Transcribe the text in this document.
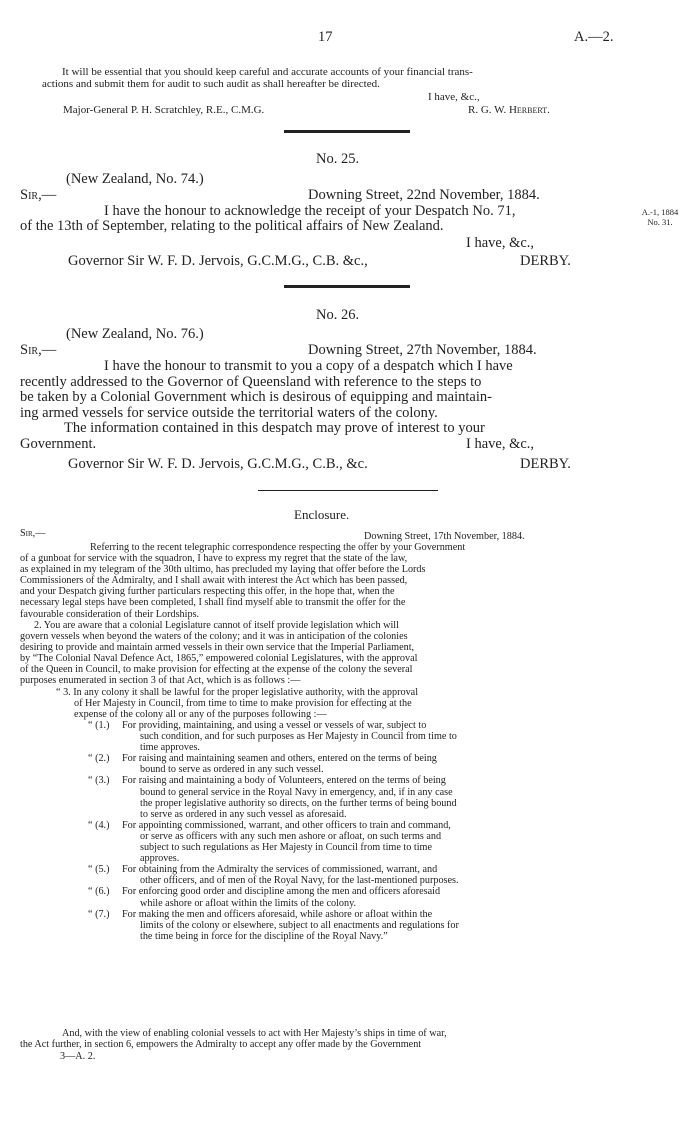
17	A.—2.
It will be essential that you should keep careful and accurate accounts of your financial trans-
actions and submit them for audit to such audit as shall hereafter be directed.
I have, &c.,
Major-General P. H. Scratchley, R.E., C.M.G.	R. G. W. Herbert.
No. 25.
(New Zealand, No. 74.)
Sir,—	Downing Street, 22nd November, 1884.
I have the honour to acknowledge the receipt of your Despatch No. 71,
of the 13th of September, relating to the political affairs of New Zealand.
I have, &c.,
Governor Sir W. F. D. Jervois, G.C.M.G., C.B. &c.,	DERBY.
A.-1, 1884
No. 31.
No. 26.
(New Zealand, No. 76.)
Sir,—	Downing Street, 27th November, 1884.
I have the honour to transmit to you a copy of a despatch which I have
recently addressed to the Governor of Queensland with reference to the steps to
be taken by a Colonial Government which is desirous of equipping and maintain-
ing armed vessels for service outside the territorial waters of the colony.
The information contained in this despatch may prove of interest to your
Government.	I have, &c.,
Governor Sir W. F. D. Jervois, G.C.M.G., C.B., &c.	DERBY.
Enclosure.
Sir,—	Downing Street, 17th November, 1884.
Referring to the recent telegraphic correspondence respecting the offer by your Government
of a gunboat for service with the squadron, I have to express my regret that the state of the law,
as explained in my telegram of the 30th ultimo, has precluded my laying that offer before the Lords
Commissioners of the Admiralty, and I shall await with interest the Act which has been passed,
and your Despatch giving further particulars respecting this offer, in the hope that, when the
necessary legal steps have been completed, I shall find myself able to transmit the offer for the
favourable consideration of their Lordships.
2. You are aware that a colonial Legislature cannot of itself provide legislation which will
govern vessels when beyond the waters of the colony; and it was in anticipation of the colonies
desiring to provide and maintain armed vessels in their own service that the Imperial Parliament,
by “The Colonial Naval Defence Act, 1865,” empowered colonial Legislatures, with the approval
of the Queen in Council, to make provision for effecting at the expense of the colony the several
purposes enumerated in section 3 of that Act, which is as follows :—
“ 3. In any colony it shall be lawful for the proper legislative authority, with the approval
of Her Majesty in Council, from time to time to make provision for effecting at the
expense of the colony all or any of the purposes following :—
“ (1.)	For providing, maintaining, and using a vessel or vessels of war, subject to
such condition, and for such purposes as Her Majesty in Council from time to
time approves.
“ (2.)	For raising and maintaining seamen and others, entered on the terms of being
bound to serve as ordered in any such vessel.
“ (3.)	For raising and maintaining a body of Volunteers, entered on the terms of being
bound to general service in the Royal Navy in emergency, and, if in any case
the proper legislative authority so directs, on the further terms of being bound
to serve as ordered in any such vessel as aforesaid.
“ (4.)	For appointing commissioned, warrant, and other officers to train and command,
or serve as officers with any such men ashore or afloat, on such terms and
subject to such regulations as Her Majesty in Council from time to time
approves.
“ (5.)	For obtaining from the Admiralty the services of commissioned, warrant, and
other officers, and of men of the Royal Navy, for the last-mentioned purposes.
“ (6.)	For enforcing good order and discipline among the men and officers aforesaid
while ashore or afloat within the limits of the colony.
“ (7.)	For making the men and officers aforesaid, while ashore or afloat within the
limits of the colony or elsewhere, subject to all enactments and regulations for
the time being in force for the discipline of the Royal Navy.”
And, with the view of enabling colonial vessels to act with Her Majesty’s ships in time of war,
the Act further, in section 6, empowers the Admiralty to accept any offer made by the Government
3—A. 2.
